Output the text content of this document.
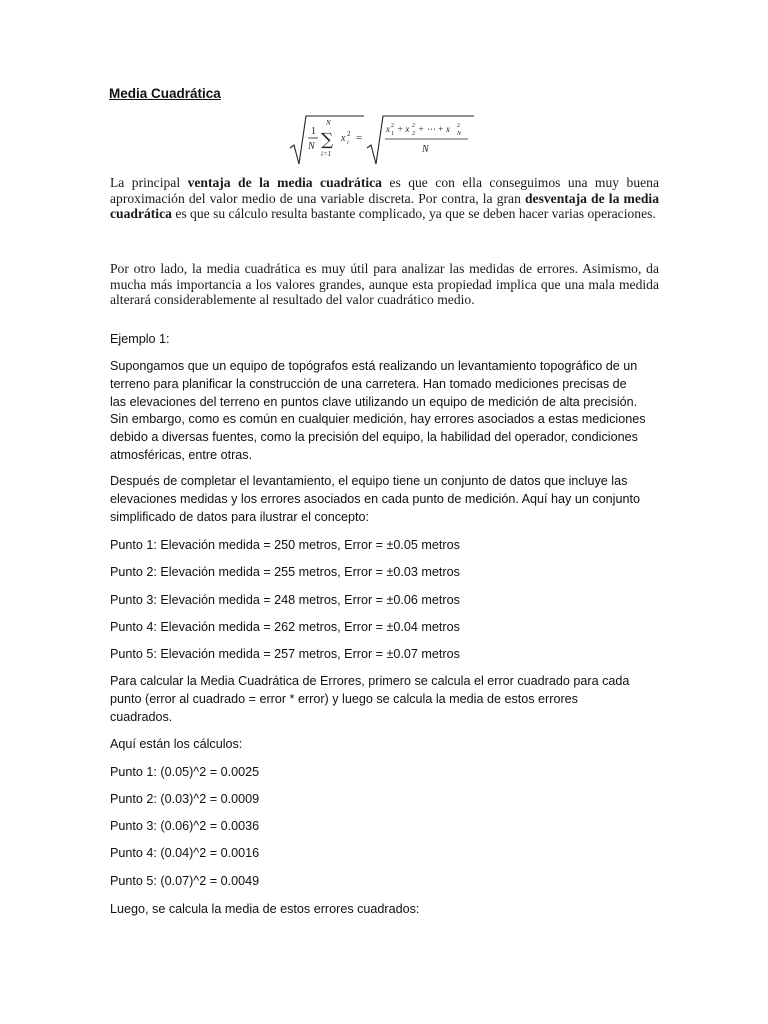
Media Cuadrática
1
N
N
∑
i=1
x 2
i =
x 2
1 + x 2
2 + ⋯ + x 2
N
N
La principal ventaja de la media cuadrática es que con ella conseguimos una muy buena aproximación del valor medio de una variable discreta. Por contra, la gran desventaja de la media cuadrática es que su cálculo resulta bastante complicado, ya que se deben hacer varias operaciones.
Por otro lado, la media cuadrática es muy útil para analizar las medidas de errores. Asimismo, da mucha más importancia a los valores grandes, aunque esta propiedad implica que una mala medida alterará considerablemente al resultado del valor cuadrático medio.
Ejemplo 1:
Supongamos que un equipo de topógrafos está realizando un levantamiento topográfico de un
terreno para planificar la construcción de una carretera. Han tomado mediciones precisas de
las elevaciones del terreno en puntos clave utilizando un equipo de medición de alta precisión.
Sin embargo, como es común en cualquier medición, hay errores asociados a estas mediciones
debido a diversas fuentes, como la precisión del equipo, la habilidad del operador, condiciones
atmosféricas, entre otras.
Después de completar el levantamiento, el equipo tiene un conjunto de datos que incluye las
elevaciones medidas y los errores asociados en cada punto de medición. Aquí hay un conjunto
simplificado de datos para ilustrar el concepto:
Punto 1: Elevación medida = 250 metros, Error = ±0.05 metros
Punto 2: Elevación medida = 255 metros, Error = ±0.03 metros
Punto 3: Elevación medida = 248 metros, Error = ±0.06 metros
Punto 4: Elevación medida = 262 metros, Error = ±0.04 metros
Punto 5: Elevación medida = 257 metros, Error = ±0.07 metros
Para calcular la Media Cuadrática de Errores, primero se calcula el error cuadrado para cada
punto (error al cuadrado = error * error) y luego se calcula la media de estos errores
cuadrados.
Aquí están los cálculos:
Punto 1: (0.05)^2 = 0.0025
Punto 2: (0.03)^2 = 0.0009
Punto 3: (0.06)^2 = 0.0036
Punto 4: (0.04)^2 = 0.0016
Punto 5: (0.07)^2 = 0.0049
Luego, se calcula la media de estos errores cuadrados:
